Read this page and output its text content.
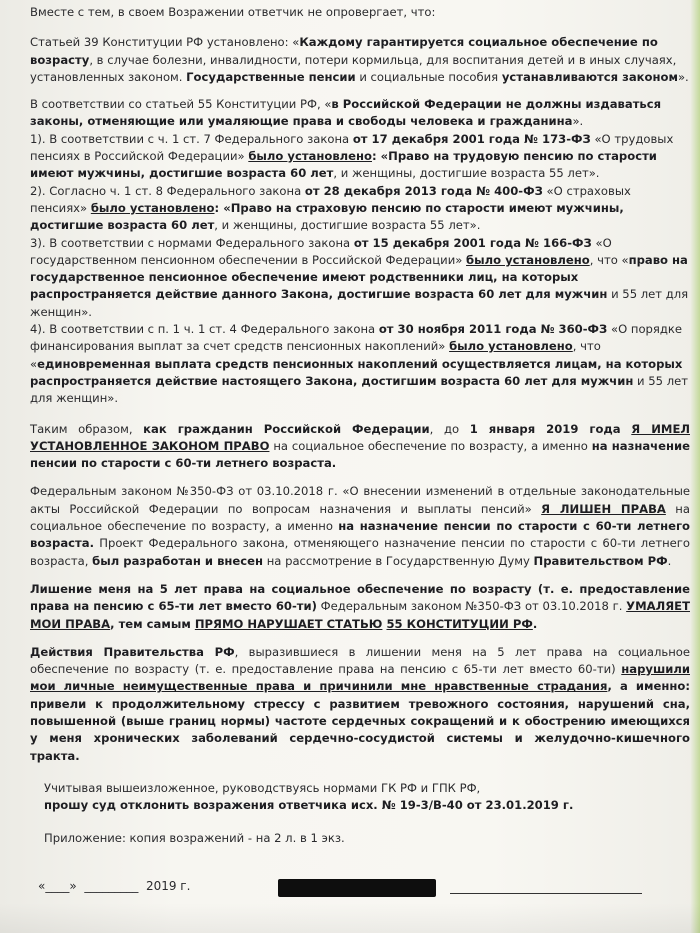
Вместе с тем, в своем Возражении ответчик не опровергает, что:

Статьей 39 Конституции РФ установлено: «Каждому гарантируется социальное обеспечение по возрасту, в случае болезни, инвалидности, потери кормильца, для воспитания детей и в иных случаях, установленных законом. Государственные пенсии и социальные пособия устанавливаются законом».

В соответствии со статьей 55 Конституции РФ, «в Российской Федерации не должны издаваться законы, отменяющие или умаляющие права и свободы человека и гражданина».

1). В соответствии с ч. 1 ст. 7 Федерального закона от 17 декабря 2001 года № 173-ФЗ «О трудовых пенсиях в Российской Федерации» было установлено: «Право на трудовую пенсию по старости имеют мужчины, достигшие возраста 60 лет, и женщины, достигшие возраста 55 лет».

2). Согласно ч. 1 ст. 8 Федерального закона от 28 декабря 2013 года № 400-ФЗ «О страховых пенсиях» было установлено: «Право на страховую пенсию по старости имеют мужчины, достигшие возраста 60 лет, и женщины, достигшие возраста 55 лет».

3). В соответствии с нормами Федерального закона от 15 декабря 2001 года № 166-ФЗ «О государственном пенсионном обеспечении в Российской Федерации» было установлено, что «право на государственное пенсионное обеспечение имеют родственники лиц, на которых распространяется действие данного Закона, достигшие возраста 60 лет для мужчин и 55 лет для женщин».

4). В соответствии с п. 1 ч. 1 ст. 4 Федерального закона от 30 ноября 2011 года № 360-ФЗ «О порядке финансирования выплат за счет средств пенсионных накоплений» было установлено, что «единовременная выплата средств пенсионных накоплений осуществляется лицам, на которых распространяется действие настоящего Закона, достигшим возраста 60 лет для мужчин и 55 лет для женщин».

Таким образом, как гражданин Российской Федерации, до 1 января 2019 года Я ИМЕЛ УСТАНОВЛЕННОЕ ЗАКОНОМ ПРАВО на социальное обеспечение по возрасту, а именно на назначение пенсии по старости с 60-ти летнего возраста.

Федеральным законом №350-ФЗ от 03.10.2018 г. «О внесении изменений в отдельные законодательные акты Российской Федерации по вопросам назначения и выплаты пенсий» Я ЛИШЕН ПРАВА на социальное обеспечение по возрасту, а именно на назначение пенсии по старости с 60-ти летнего возраста. Проект Федерального закона, отменяющего назначение пенсии по старости с 60-ти летнего возраста, был разработан и внесен на рассмотрение в Государственную Думу Правительством РФ.

Лишение меня на 5 лет права на социальное обеспечение по возрасту (т. е. предоставление права на пенсию с 65-ти лет вместо 60-ти) Федеральным законом №350-ФЗ от 03.10.2018 г. УМАЛЯЕТ МОИ ПРАВА, тем самым ПРЯМО НАРУШАЕТ СТАТЬЮ 55 КОНСТИТУЦИИ РФ.

Действия Правительства РФ, выразившиеся в лишении меня на 5 лет права на социальное обеспечение по возрасту (т. е. предоставление права на пенсию с 65-ти лет вместо 60-ти) нарушили мои личные неимущественные права и причинили мне нравственные страдания, а именно: привели к продолжительному стрессу с развитием тревожного состояния, нарушений сна, повышенной (выше границ нормы) частоте сердечных сокращений и к обострению имеющихся у меня хронических заболеваний сердечно-сосудистой системы и желудочно-кишечного тракта.

Учитывая вышеизложенное, руководствуясь нормами ГК РФ и ГПК РФ,
прошу суд отклонить возражения ответчика исх. № 19-3/В-40 от 23.01.2019 г.

Приложение: копия возражений - на 2 л. в 1 экз.

«____»  _________  2019 г.
